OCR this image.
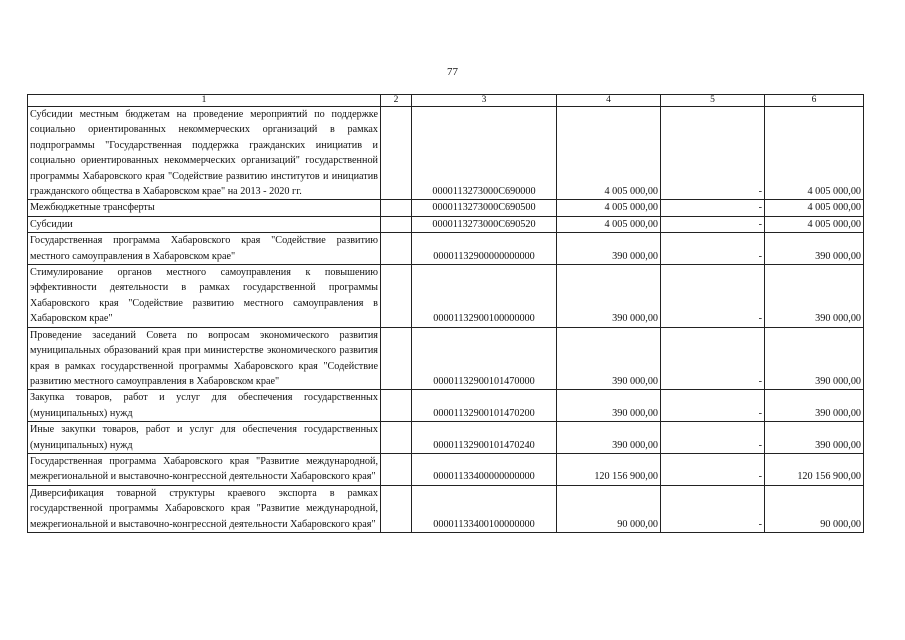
77
1	2	3	4	5	6
Субсидии местным бюджетам на проведение мероприятий по поддержке социально ориентированных некоммерческих организаций в рамках подпрограммы "Государственная поддержка гражданских инициатив и социально ориентированных некоммерческих организаций" государственной программы Хабаровского края "Содействие развитию институтов и инициатив гражданского общества в Хабаровском крае" на 2013 - 2020 гг.		0000113273000С690000	4 005 000,00	-	4 005 000,00
Межбюджетные трансферты		0000113273000С690500	4 005 000,00	-	4 005 000,00
Субсидии		0000113273000С690520	4 005 000,00	-	4 005 000,00
Государственная программа Хабаровского края "Содействие развитию местного самоуправления в Хабаровском крае"		00001132900000000000	390 000,00	-	390 000,00
Стимулирование органов местного самоуправления к повышению эффективности деятельности в рамках государственной программы Хабаровского края "Содействие развитию местного самоуправления в Хабаровском крае"		00001132900100000000	390 000,00	-	390 000,00
Проведение заседаний Совета по вопросам экономического развития муниципальных образований края при министерстве экономического развития края в рамках государственной программы Хабаровского края "Содействие развитию местного самоуправления в Хабаровском крае"		00001132900101470000	390 000,00	-	390 000,00
Закупка товаров, работ и услуг для обеспечения государственных (муниципальных) нужд		00001132900101470200	390 000,00	-	390 000,00
Иные закупки товаров, работ и услуг для обеспечения государственных (муниципальных) нужд		00001132900101470240	390 000,00	-	390 000,00
Государственная программа Хабаровского края "Развитие международной, межрегиональной и выставочно-конгрессной деятельности Хабаровского края"		00001133400000000000	120 156 900,00	-	120 156 900,00
Диверсификация товарной структуры краевого экспорта в рамках государственной программы Хабаровского края "Развитие международной, межрегиональной и выставочно-конгрессной деятельности Хабаровского края"		00001133400100000000	90 000,00	-	90 000,00
